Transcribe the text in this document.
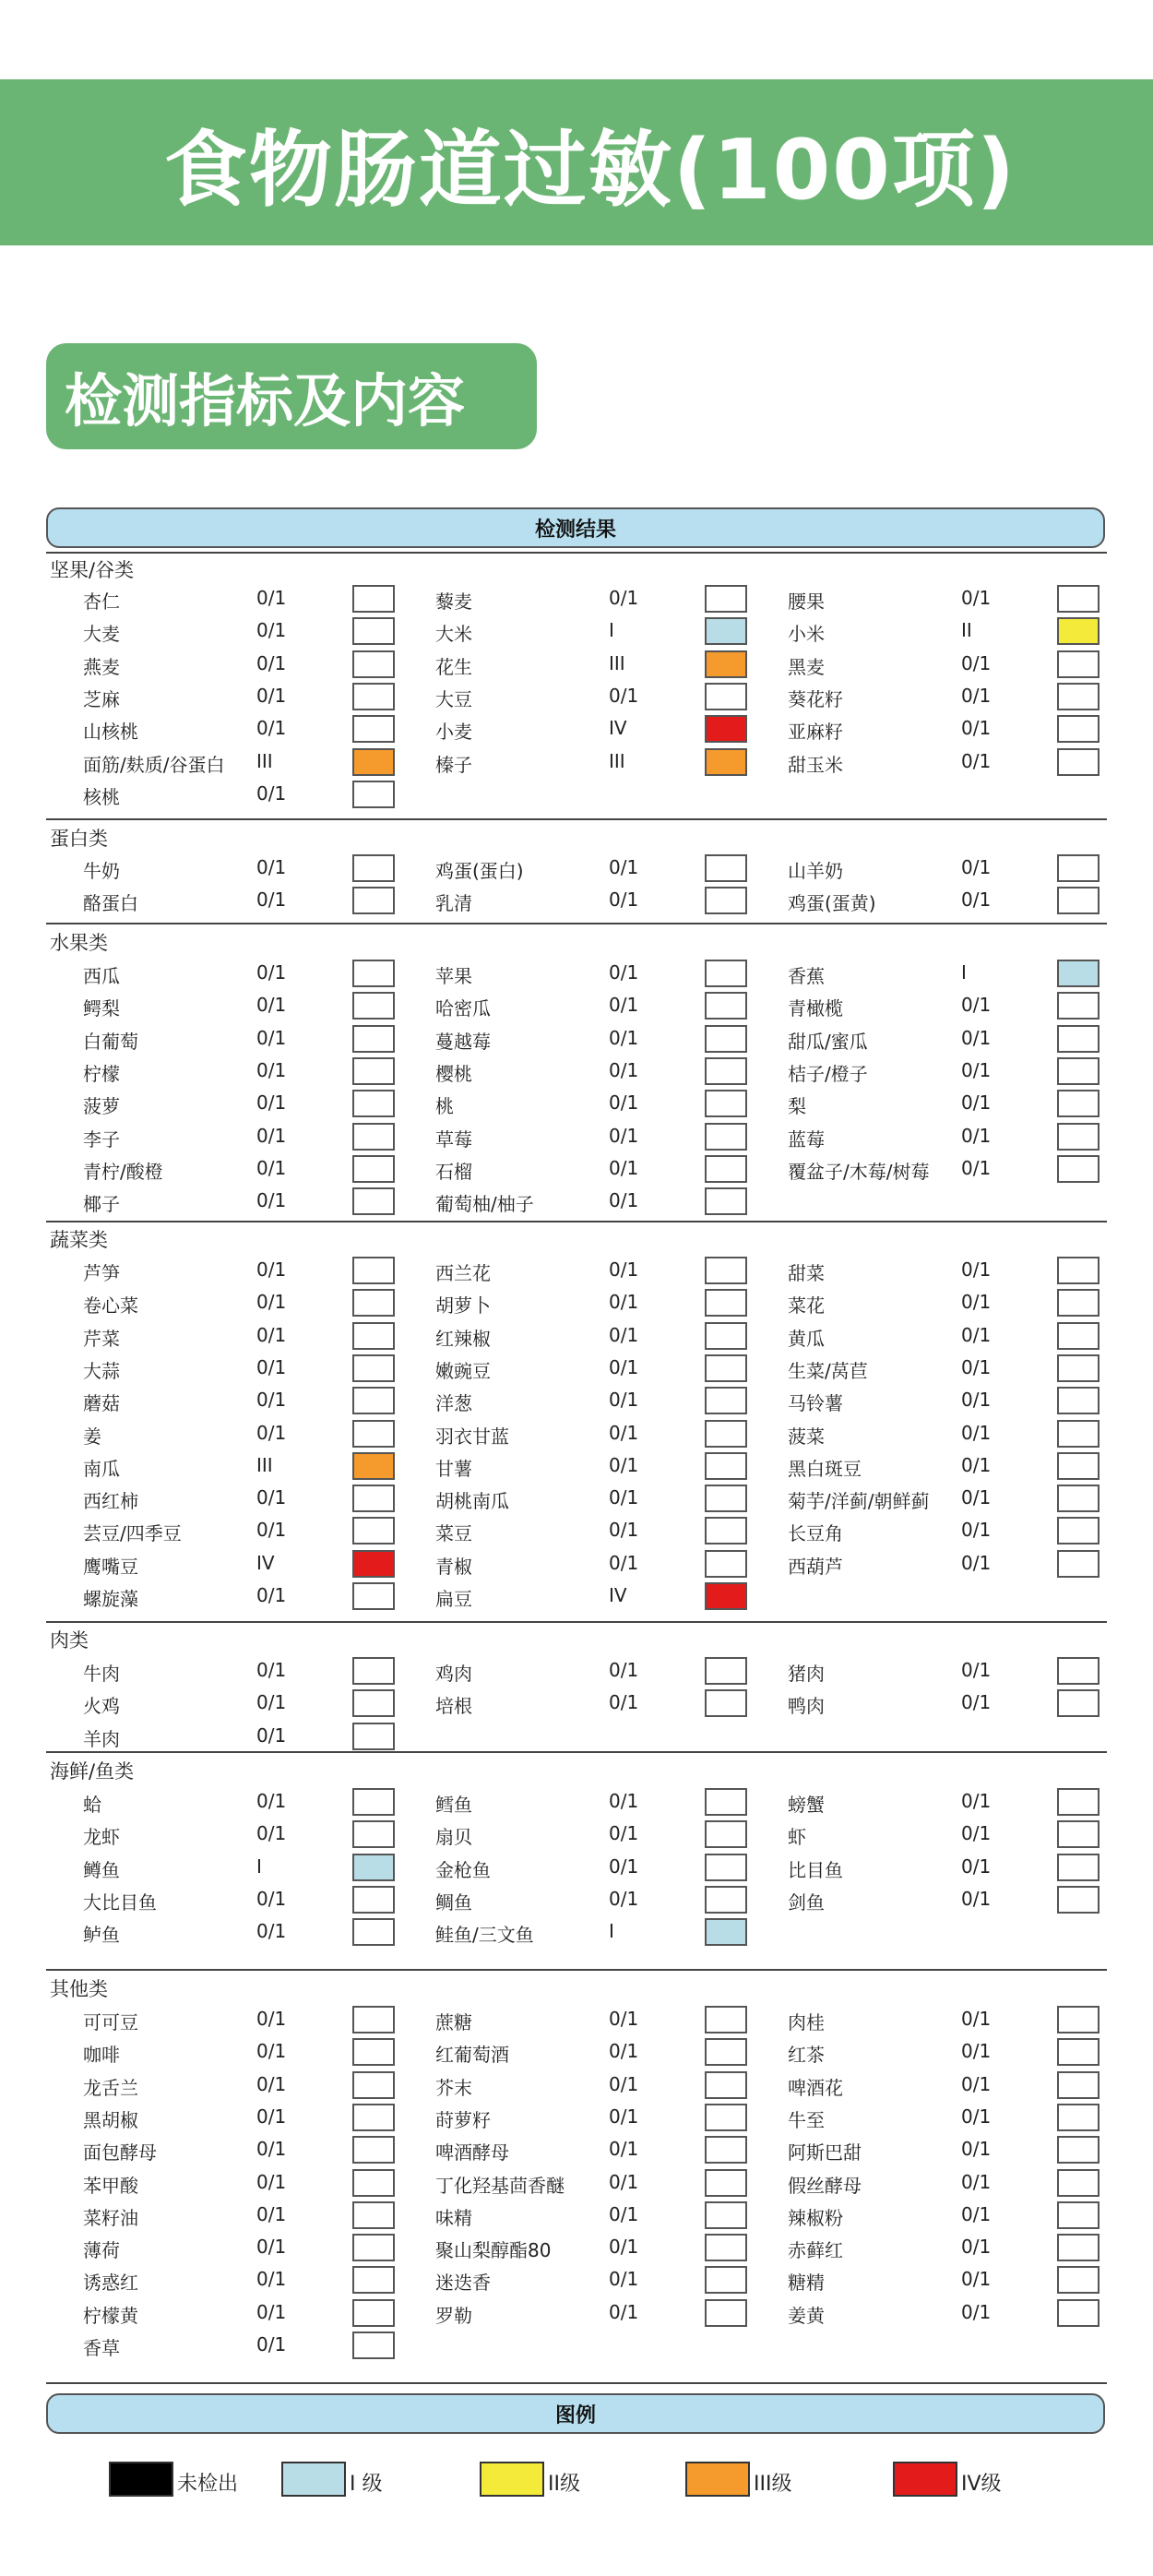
食物肠道过敏(100项)
检测指标及内容
检测结果
坚果/谷类
杏仁	0/1	藜麦	0/1	腰果	0/1
大麦	0/1	大米	I	小米	II
燕麦	0/1	花生	III	黑麦	0/1
芝麻	0/1	大豆	0/1	葵花籽	0/1
山核桃	0/1	小麦	IV	亚麻籽	0/1
面筋/麸质/谷蛋白 III	榛子	III	甜玉米	0/1
核桃	0/1
蛋白类
牛奶	0/1	鸡蛋(蛋白)	0/1	山羊奶	0/1
酪蛋白	0/1	乳清	0/1	鸡蛋(蛋黄)	0/1
水果类
西瓜	0/1	苹果	0/1	香蕉	I
鳄梨	0/1	哈密瓜	0/1	青橄榄	0/1
白葡萄	0/1	蔓越莓	0/1	甜瓜/蜜瓜	0/1
柠檬	0/1	樱桃	0/1	桔子/橙子	0/1
菠萝	0/1	桃	0/1	梨	0/1
李子	0/1	草莓	0/1	蓝莓	0/1
青柠/酸橙	0/1	石榴	0/1	覆盆子/木莓/树莓 0/1
椰子	0/1	葡萄柚/柚子	0/1
蔬菜类
芦笋	0/1	西兰花	0/1	甜菜	0/1
卷心菜	0/1	胡萝卜	0/1	菜花	0/1
芹菜	0/1	红辣椒	0/1	黄瓜	0/1
大蒜	0/1	嫩豌豆	0/1	生菜/莴苣	0/1
蘑菇	0/1	洋葱	0/1	马铃薯	0/1
姜	0/1	羽衣甘蓝	0/1	菠菜	0/1
南瓜	III	甘薯	0/1	黑白斑豆	0/1
西红柿	0/1	胡桃南瓜	0/1	菊芋/洋蓟/朝鲜蓟 0/1
芸豆/四季豆	0/1	菜豆	0/1	长豆角	0/1
鹰嘴豆	IV	青椒	0/1	西葫芦	0/1
螺旋藻	0/1	扁豆	IV
肉类
牛肉	0/1	鸡肉	0/1	猪肉	0/1
火鸡	0/1	培根	0/1	鸭肉	0/1
羊肉	0/1
海鲜/鱼类
蛤	0/1	鳕鱼	0/1	螃蟹	0/1
龙虾	0/1	扇贝	0/1	虾	0/1
鳟鱼	I	金枪鱼	0/1	比目鱼	0/1
大比目鱼	0/1	鲷鱼	0/1	剑鱼	0/1
鲈鱼	0/1	鲑鱼/三文鱼	I
其他类
可可豆	0/1	蔗糖	0/1	肉桂	0/1
咖啡	0/1	红葡萄酒	0/1	红茶	0/1
龙舌兰	0/1	芥末	0/1	啤酒花	0/1
黑胡椒	0/1	莳萝籽	0/1	牛至	0/1
面包酵母	0/1	啤酒酵母	0/1	阿斯巴甜	0/1
苯甲酸	0/1	丁化羟基茴香醚 0/1	假丝酵母	0/1
菜籽油	0/1	味精	0/1	辣椒粉	0/1
薄荷	0/1	聚山梨醇酯80	0/1	赤藓红	0/1
诱惑红	0/1	迷迭香	0/1	糖精	0/1
柠檬黄	0/1	罗勒	0/1	姜黄	0/1
香草	0/1
图例
未检出	I 级	II级	III级	IV级
